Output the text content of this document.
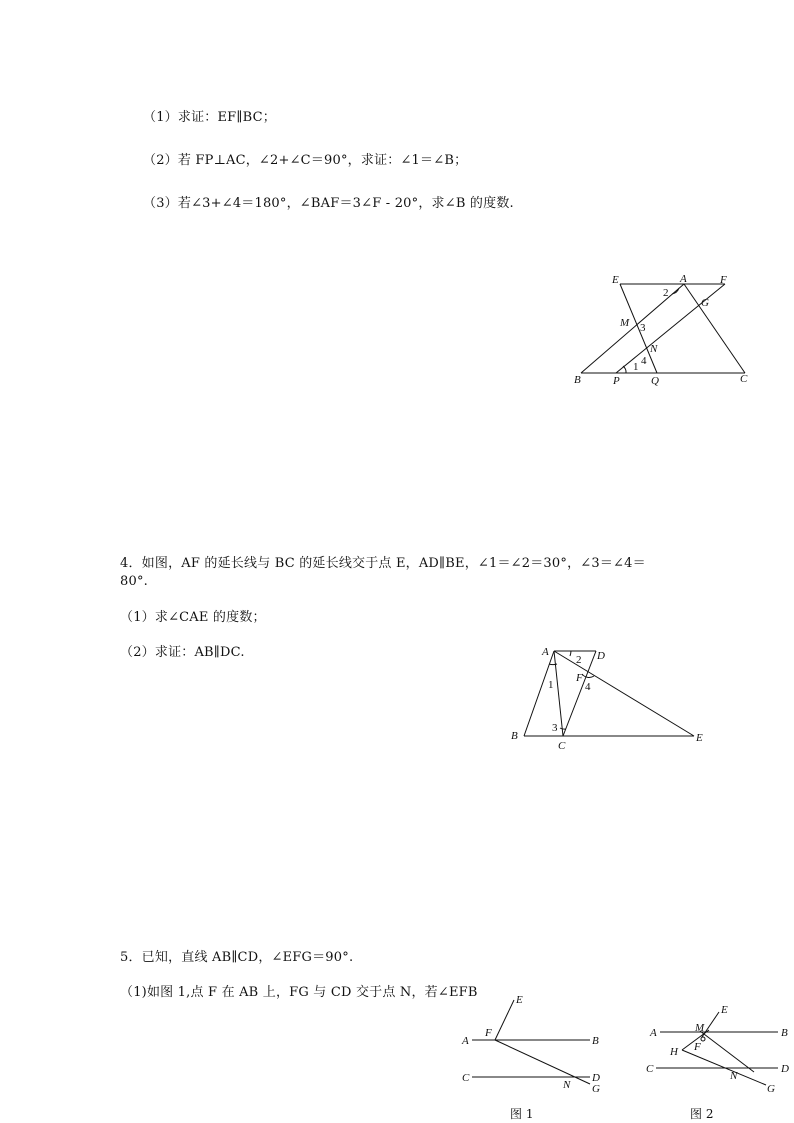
（1）求证：EF∥BC；
（2）若 FP⊥AC，∠2+∠C＝90°，求证：∠1＝∠B；
（3）若∠3+∠4＝180°，∠BAF＝3∠F - 20°，求∠B 的度数.
E	A	F
G
M
N
B	P	Q	C
1
2
3
4
4．如图，AF 的延长线与 BC 的延长线交于点 E，AD∥BE，∠1＝∠2＝30°，∠3＝∠4＝
80°.
（1）求∠CAE 的度数；
（2）求证：AB∥DC.	A	D
F
B
C
E
1
2
3
4
5．已知，直线 AB∥CD，∠EFG＝90°.
（1)如图 1,点 F 在 AB 上，FG 与 CD 交于点 N，若∠EFB
A	B
C	D
E
F
G
N
图 1
A	B
C	D
E
F
G
H
M
N
图 2
